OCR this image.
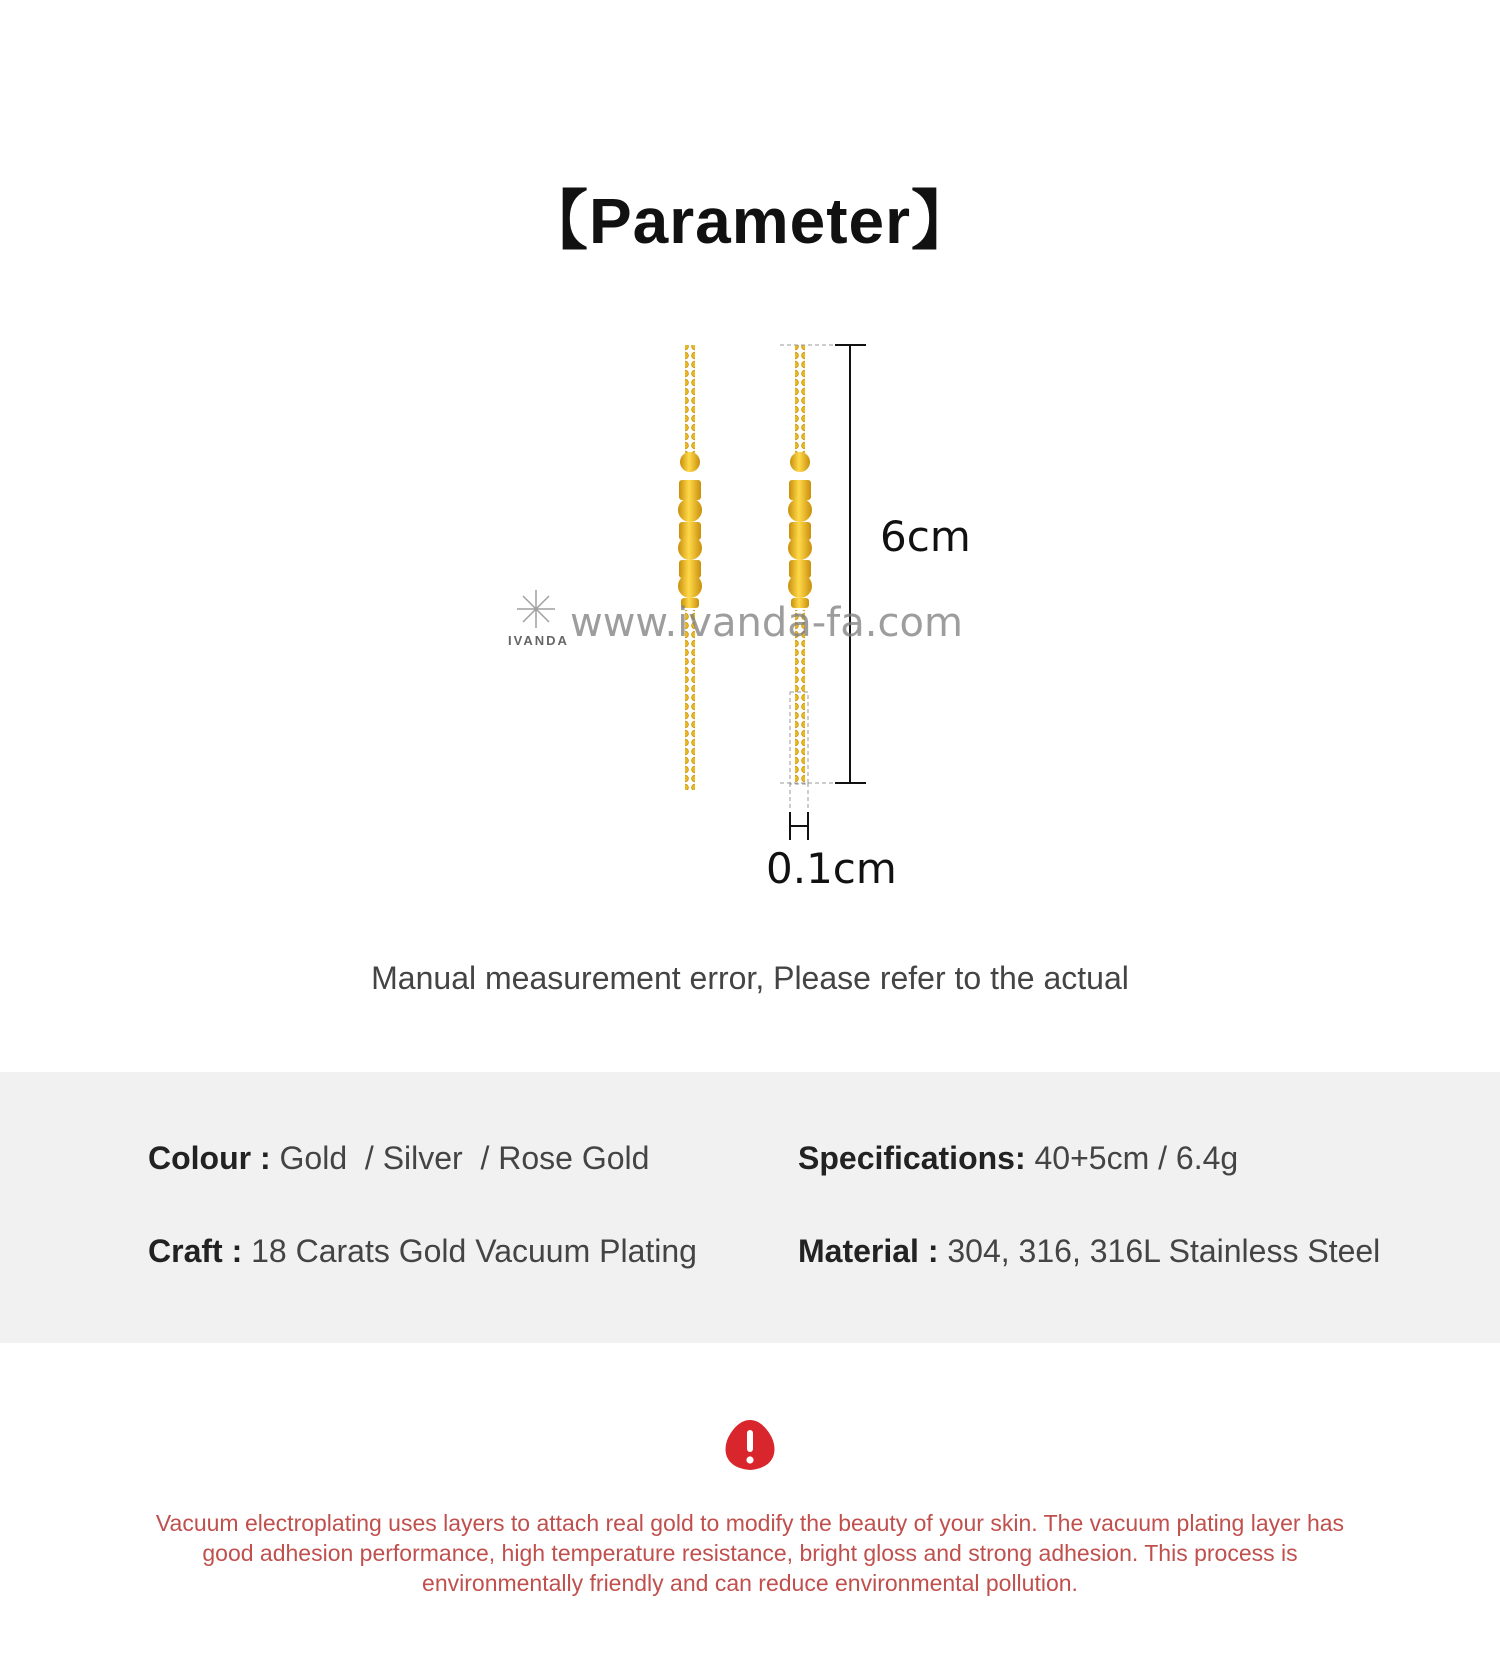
【Parameter】
6cm
0.1cm
IVANDA www.ivanda-fa.com
Manual measurement error, Please refer to the actual
Colour : Gold  / Silver  / Rose Gold	Specifications: 40+5cm / 6.4g
Craft : 18 Carats Gold Vacuum Plating	Material : 304, 316, 316L Stainless Steel
Vacuum electroplating uses layers to attach real gold to modify the beauty of your skin. The vacuum plating layer has good adhesion performance, high temperature resistance, bright gloss and strong adhesion. This process is environmentally friendly and can reduce environmental pollution.
